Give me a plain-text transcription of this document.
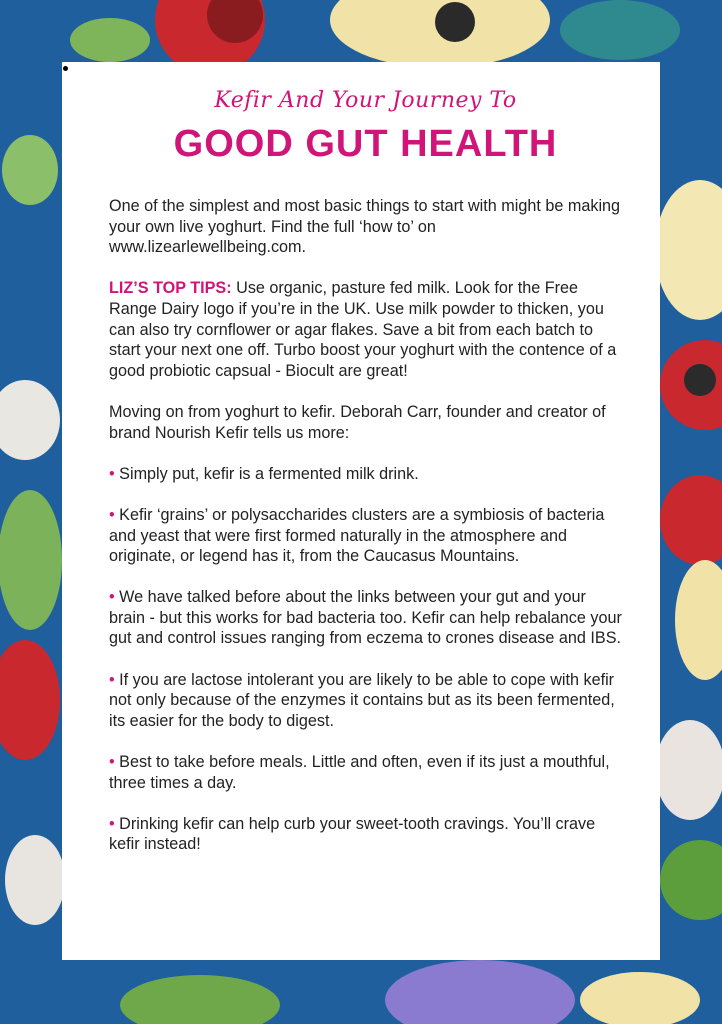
Kefir And Your Journey To
GOOD GUT HEALTH

One of the simplest and most basic things to start with might be making your own live yoghurt. Find the full ‘how to’ on www.lizearlewellbeing.com.

LIZ’S TOP TIPS: Use organic, pasture fed milk. Look for the Free Range Dairy logo if you’re in the UK. Use milk powder to thicken, you can also try cornflower or agar flakes. Save a bit from each batch to start your next one off. Turbo boost your yoghurt with the contence of a good probiotic capsual - Biocult are great!

Moving on from yoghurt to kefir. Deborah Carr, founder and creator of brand Nourish Kefir tells us more:

• Simply put, kefir is a fermented milk drink.

• Kefir ‘grains’ or polysaccharides clusters are a symbiosis of bacteria and yeast that were first formed naturally in the atmosphere and originate, or legend has it, from the Caucasus Mountains.

• We have talked before about the links between your gut and your brain - but this works for bad bacteria too. Kefir can help rebalance your gut and control issues ranging from eczema to crones disease and IBS.

• If you are lactose intolerant you are likely to be able to cope with kefir not only because of the enzymes it contains but as its been fermented, its easier for the body to digest.

• Best to take before meals. Little and often, even if its just a mouthful, three times a day.

• Drinking kefir can help curb your sweet-tooth cravings. You’ll crave kefir instead!
